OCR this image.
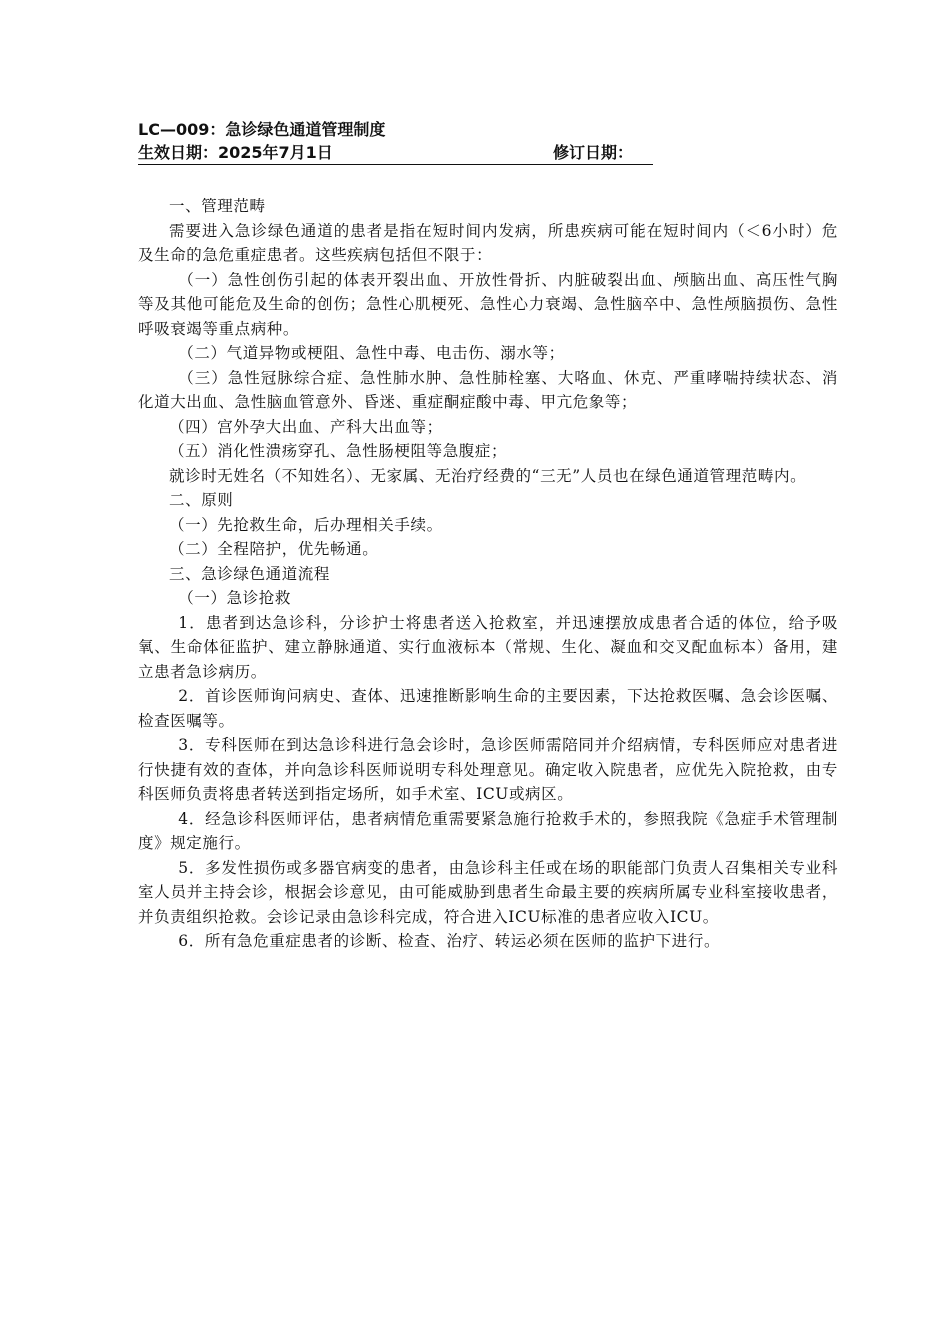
LC—009：急诊绿色通道管理制度
生效日期：2025年7月1日	修订日期：

一、管理范畴

需要进入急诊绿色通道的患者是指在短时间内发病，所患疾病可能在短时间内（＜6小时）危及生命的急危重症患者。这些疾病包括但不限于：

（一）急性创伤引起的体表开裂出血、开放性骨折、内脏破裂出血、颅脑出血、高压性气胸等及其他可能危及生命的创伤；急性心肌梗死、急性心力衰竭、急性脑卒中、急性颅脑损伤、急性呼吸衰竭等重点病种。

（二）气道异物或梗阻、急性中毒、电击伤、溺水等；

（三）急性冠脉综合症、急性肺水肿、急性肺栓塞、大咯血、休克、严重哮喘持续状态、消化道大出血、急性脑血管意外、昏迷、重症酮症酸中毒、甲亢危象等；

（四）宫外孕大出血、产科大出血等；

（五）消化性溃疡穿孔、急性肠梗阻等急腹症；

就诊时无姓名（不知姓名）、无家属、无治疗经费的“三无”人员也在绿色通道管理范畴内。

二、原则

（一）先抢救生命，后办理相关手续。

（二）全程陪护，优先畅通。

三、急诊绿色通道流程

（一）急诊抢救

1．患者到达急诊科，分诊护士将患者送入抢救室，并迅速摆放成患者合适的体位，给予吸氧、生命体征监护、建立静脉通道、实行血液标本（常规、生化、凝血和交叉配血标本）备用，建立患者急诊病历。

2．首诊医师询问病史、查体、迅速推断影响生命的主要因素，下达抢救医嘱、急会诊医嘱、检查医嘱等。

3．专科医师在到达急诊科进行急会诊时，急诊医师需陪同并介绍病情，专科医师应对患者进行快捷有效的查体，并向急诊科医师说明专科处理意见。确定收入院患者，应优先入院抢救，由专科医师负责将患者转送到指定场所，如手术室、ICU或病区。

4．经急诊科医师评估，患者病情危重需要紧急施行抢救手术的，参照我院《急症手术管理制度》规定施行。

5．多发性损伤或多器官病变的患者，由急诊科主任或在场的职能部门负责人召集相关专业科室人员并主持会诊，根据会诊意见，由可能威胁到患者生命最主要的疾病所属专业科室接收患者，并负责组织抢救。会诊记录由急诊科完成，符合进入ICU标准的患者应收入ICU。

6．所有急危重症患者的诊断、检查、治疗、转运必须在医师的监护下进行。
